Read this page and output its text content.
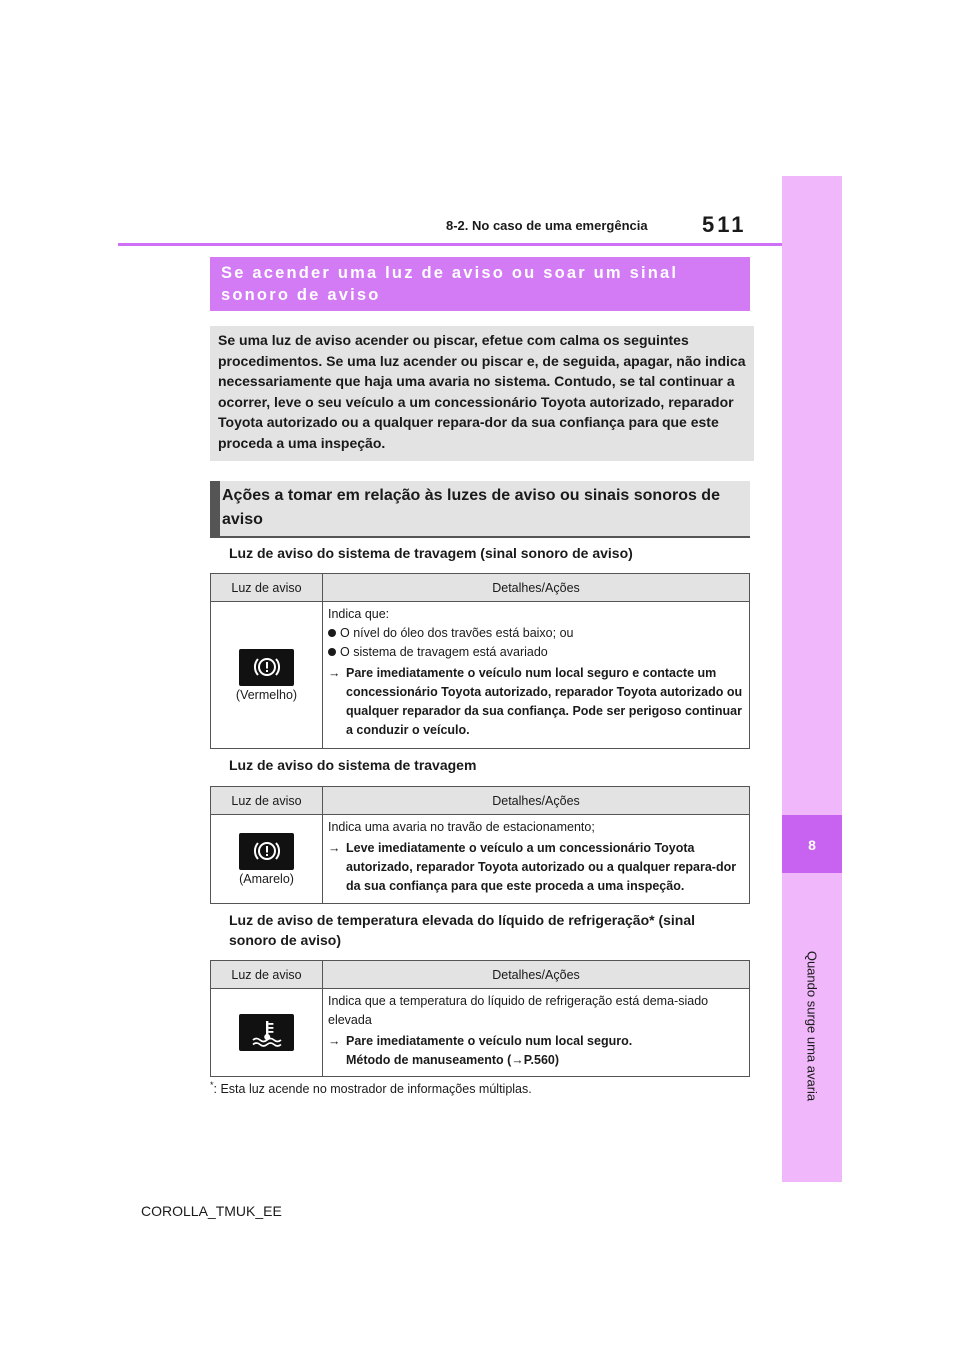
8-2. No caso de uma emergência 511
8
Quando surge uma avaria
Se acender uma luz de aviso ou soar um sinal sonoro de aviso
Se uma luz de aviso acender ou piscar, efetue com calma os seguintes procedimentos. Se uma luz acender ou piscar e, de seguida, apagar, não indica necessariamente que haja uma avaria no sistema. Contudo, se tal continuar a ocorrer, leve o seu veículo a um concessionário Toyota autorizado, reparador Toyota autorizado ou a qualquer repara-dor da sua confiança para que este proceda a uma inspeção.
Ações a tomar em relação às luzes de aviso ou sinais sonoros de aviso
Luz de aviso do sistema de travagem (sinal sonoro de aviso)
Luz de aviso	Detalhes/Ações

(Vermelho)	Indica que:
O nível do óleo dos travões está baixo; ou
O sistema de travagem está avariado
→ Pare imediatamente o veículo num local seguro e contacte um concessionário Toyota autorizado, reparador Toyota autorizado ou qualquer reparador da sua confiança. Pode ser perigoso continuar a conduzir o veículo.
Luz de aviso do sistema de travagem
Luz de aviso	Detalhes/Ações

(Amarelo)	Indica uma avaria no travão de estacionamento;
→ Leve imediatamente o veículo a um concessionário Toyota autorizado, reparador Toyota autorizado ou a qualquer repara-dor da sua confiança para que este proceda a uma inspeção.
Luz de aviso de temperatura elevada do líquido de refrigeração* (sinal sonoro de aviso)
Luz de aviso	Detalhes/Ações

Indica que a temperatura do líquido de refrigeração está dema-siado elevada
→ Pare imediatamente o veículo num local seguro.
Método de manuseamento (→P.560)
*: Esta luz acende no mostrador de informações múltiplas.
COROLLA_TMUK_EE
